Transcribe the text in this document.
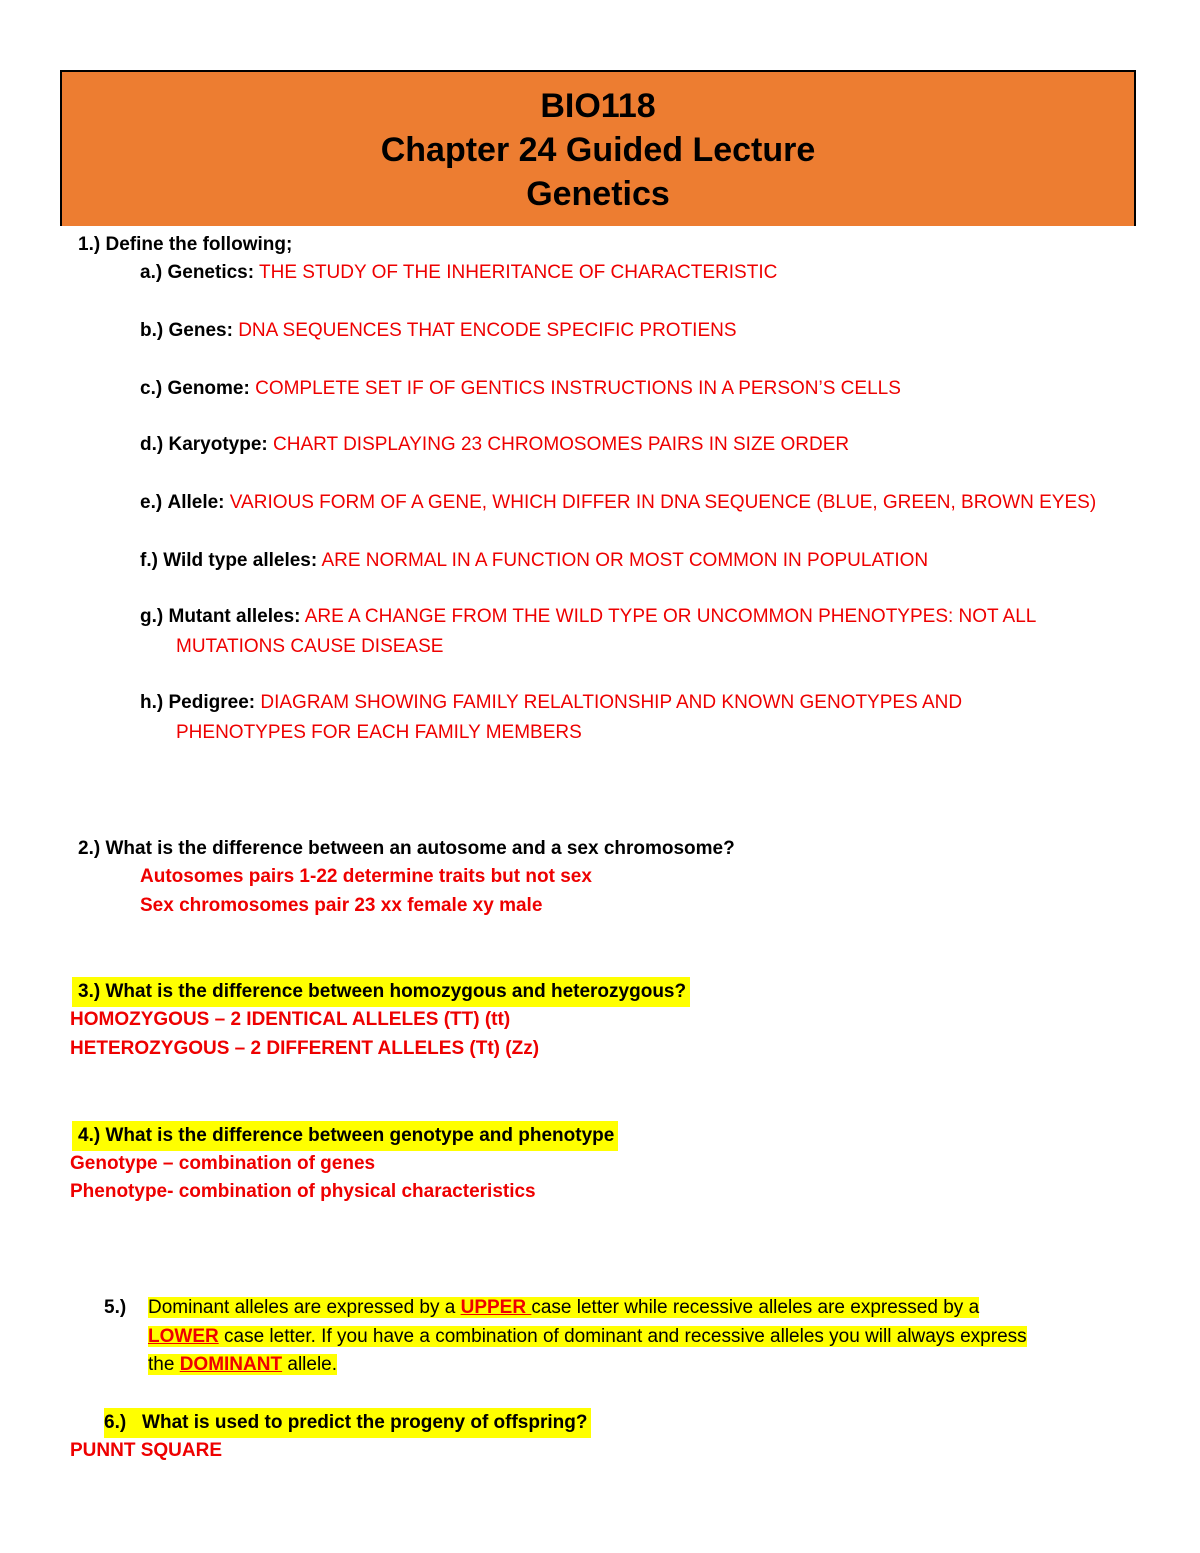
BIO118
Chapter 24 Guided Lecture
Genetics
1.) Define the following;
a.) Genetics: THE STUDY OF THE INHERITANCE OF CHARACTERISTIC
b.) Genes: DNA SEQUENCES THAT ENCODE SPECIFIC PROTIENS
c.) Genome: COMPLETE SET IF OF GENTICS INSTRUCTIONS IN A PERSON’S CELLS
d.) Karyotype: CHART DISPLAYING 23 CHROMOSOMES PAIRS IN SIZE ORDER
e.) Allele: VARIOUS FORM OF A GENE, WHICH DIFFER IN DNA SEQUENCE (BLUE, GREEN, BROWN EYES)
f.) Wild type alleles: ARE NORMAL IN A FUNCTION OR MOST COMMON IN POPULATION
g.) Mutant alleles: ARE A CHANGE FROM THE WILD TYPE OR UNCOMMON PHENOTYPES: NOT ALL
MUTATIONS CAUSE DISEASE
h.) Pedigree: DIAGRAM SHOWING FAMILY RELALTIONSHIP AND KNOWN GENOTYPES AND
PHENOTYPES FOR EACH FAMILY MEMBERS
2.) What is the difference between an autosome and a sex chromosome?
Autosomes pairs 1-22 determine traits but not sex
Sex chromosomes pair 23 xx female xy male
3.) What is the difference between homozygous and heterozygous?
HOMOZYGOUS – 2 IDENTICAL ALLELES (TT) (tt)
HETEROZYGOUS – 2 DIFFERENT ALLELES (Tt) (Zz)
4.) What is the difference between genotype and phenotype
Genotype – combination of genes
Phenotype- combination of physical characteristics
5.) Dominant alleles are expressed by a UPPER case letter while recessive alleles are expressed by a
LOWER case letter. If you have a combination of dominant and recessive alleles you will always express
the DOMINANT allele.
6.) What is used to predict the progeny of offspring?
PUNNT SQUARE
